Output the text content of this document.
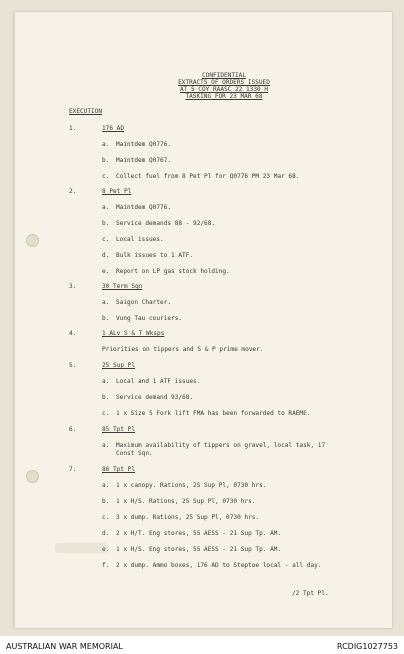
CONFIDENTIAL
EXTRACTS OF ORDERS ISSUED
AT 5 COY RAASC 22 1330 H
TASKING FOR 23 MAR 68
EXECUTION
1.	176 AD
a. Maintdem Q0776.
b. Maintdem Q0767.
c. Collect fuel from 8 Pet Pl for Q0776 PM 23 Mar 68.
2.	8 Pet Pl
a. Maintdem Q0776.
b. Service demands 88 - 92/68.
c. Local issues.
d. Bulk issues to 1 ATF.
e. Report on LP gas stock holding.
3.	30 Term Sqn
a. Saigon Charter.
b. Vung Tau couriers.
4.	1 ALv S & T Wksps
Priorities on tippers and S & P prime mover.
5.	25 Sup Pl
a. Local and 1 ATF issues.
b. Service demand 93/68.
c. 1 x Size 5 Fork lift FMA has been forwarded to RAEME.
6.	85 Tpt Pl
a. Maximum availability of tippers on gravel, local task, 17
Const Sqn.
7.	86 Tpt Pl
a. 1 x canopy. Rations, 25 Sup Pl, 0730 hrs.
b. 1 x H/S. Rations, 25 Sup Pl, 0730 hrs.
c. 3 x dump. Rations, 25 Sup Pl, 0730 hrs.
d. 2 x H/T. Eng stores, 55 AESS - 21 Sup Tp. AM.
e. 1 x H/S. Eng stores, 55 AESS - 21 Sup Tp. AM.
f. 2 x dump. Ammo boxes, 176 AD to Steptoe local - all day.
/2 Tpt Pl.
AUSTRALIAN WAR MEMORIAL	RCDIG1027753
